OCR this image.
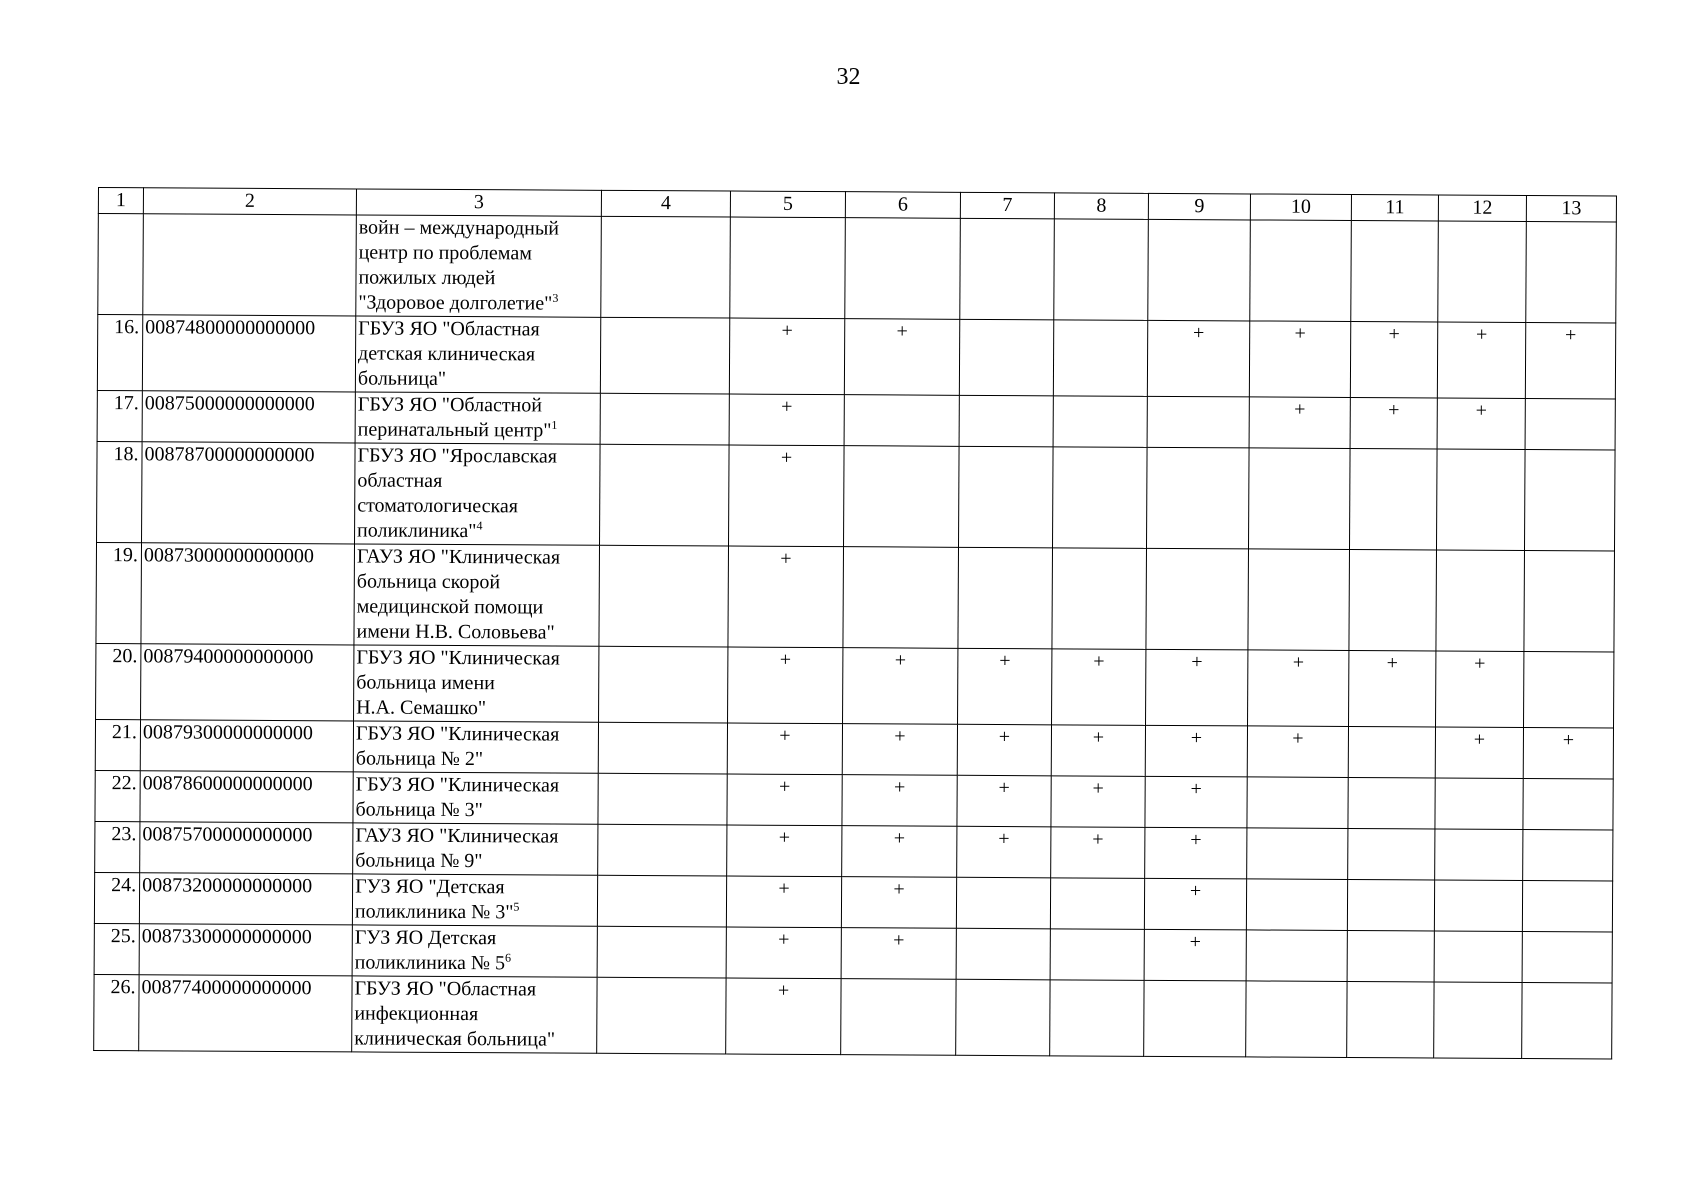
32
1	2	3	4	5	6	7	8	9	10	11	12	13
		войн – международный
центр по проблемам
пожилых людей
"Здоровое долголетие"$^3$										
16.	00874800000000000	ГБУЗ ЯО "Областная
детская клиническая
больница"		+	+			+	+	+	+	+
17.	00875000000000000	ГБУЗ ЯО "Областной
перинатальный центр"$^1$		+					+	+	+	
18.	00878700000000000	ГБУЗ ЯО "Ярославская
областная
стоматологическая
поликлиника"$^4$		+								
19.	00873000000000000	ГАУЗ ЯО "Клиническая
больница скорой
медицинской помощи
имени Н.В. Соловьева"		+								
20.	00879400000000000	ГБУЗ ЯО "Клиническая
больница имени
Н.А. Семашко"		+	+	+	+	+	+	+	+	
21.	00879300000000000	ГБУЗ ЯО "Клиническая
больница № 2"		+	+	+	+	+	+		+	+
22.	00878600000000000	ГБУЗ ЯО "Клиническая
больница № 3"		+	+	+	+	+				
23.	00875700000000000	ГАУЗ ЯО "Клиническая
больница № 9"		+	+	+	+	+				
24.	00873200000000000	ГУЗ ЯО "Детская
поликлиника № 3"$^5$		+	+			+				
25.	00873300000000000	ГУЗ ЯО Детская
поликлиника № $5^6$		+	+			+				
26.	00877400000000000	ГБУЗ ЯО "Областная
инфекционная
клиническая больница"		+								
